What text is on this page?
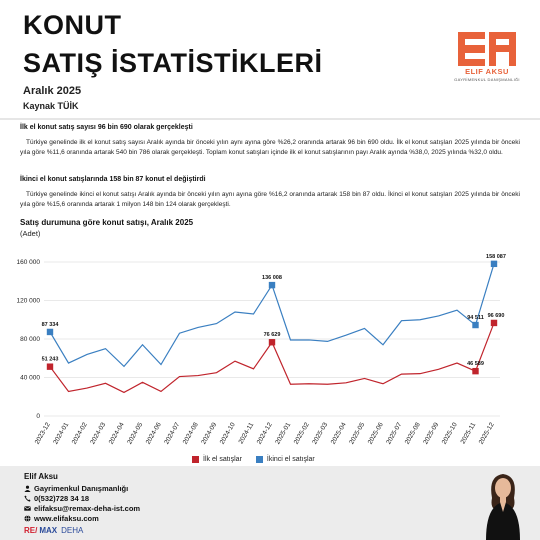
KONUT
SATIŞ İSTATİSTİKLERİ
Aralık 2025
Kaynak TÜİK
ELIF AKSU
GAYRİMENKUL DANIŞMANLIĞI
İlk el konut satış sayısı 96 bin 690 olarak gerçekleşti
Türkiye genelinde ilk el konut satış sayısı Aralık ayında bir önceki yılın aynı ayına göre %26,2 oranında artarak 96 bin 690 oldu. İlk el konut satışları 2025 yılında bir önceki yıla göre %11,6 oranında artarak 540 bin 786 olarak gerçekleşti. Toplam konut satışları içinde ilk el konut satışlarının payı Aralık ayında %38,0, 2025 yılında %32,0 oldu.
İkinci el konut satışlarında 158 bin 87 konut el değiştirdi
Türkiye genelinde ikinci el konut satışı Aralık ayında bir önceki yılın aynı ayına göre %16,2 oranında artarak 158 bin 87 oldu. İkinci el konut satışları 2025 yılında bir önceki yıla göre %15,6 oranında artarak 1 milyon 148 bin 124 olarak gerçekleşti.
Satış durumuna göre konut satışı, Aralık 2025
(Adet)
0
40 000
80 000
120 000
160 000
2023-12 2024-01 2024-02 2024-03 2024-04 2024-05 2024-06 2024-07 2024-08 2024-09 2024-10 2024-11 2024-12 2025-01 2025-02 2025-03 2025-04 2025-05 2025-06 2025-07 2025-08 2025-09 2025-10 2025-11 2025-12
51 243
76 629
46 589
96 690
87 334
136 008
94 511
158 087
İlk el satışlar	İkinci el satışlar
Elif Aksu
Gayrimenkul Danışmanlığı
0(532)728 34 18
elifaksu@remax-deha-ist.com
www.elifaksu.com
RE/ MAX DEHA
